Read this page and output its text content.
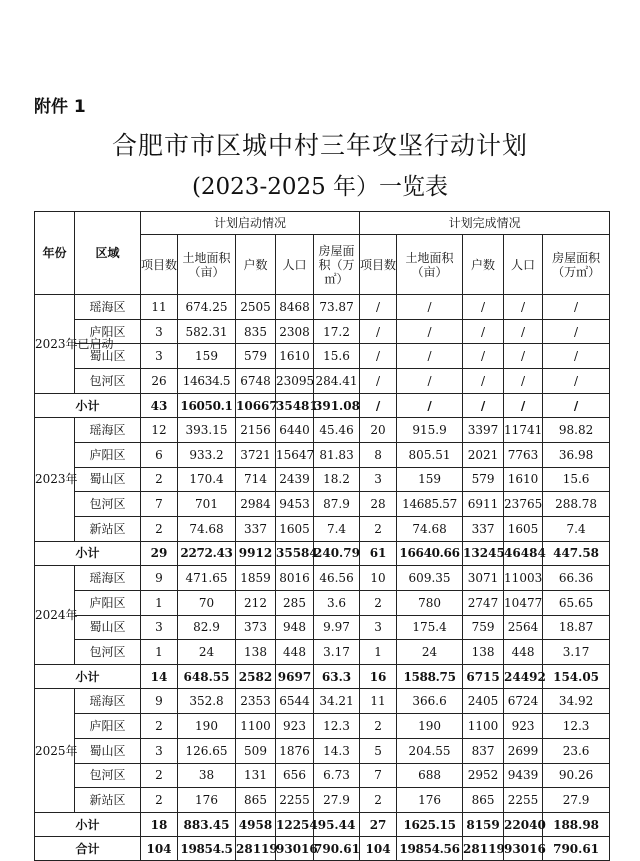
附件 1
合肥市市区城中村三年攻坚行动计划
(2023-2025 年）一览表
年份	区域	计划启动情况					计划完成情况				
		项目数	土地面积（亩）	户数	人口	房屋面积（万㎡）	项目数	土地面积（亩）	户数	人口	房屋面积（万㎡）
2023年已启动	瑶海区	11	674.25	2505	8468	73.87	/	/	/	/	/
	庐阳区	3	582.31	835	2308	17.2	/	/	/	/	/
	蜀山区	3	159	579	1610	15.6	/	/	/	/	/
	包河区	26	14634.5	6748	23095	284.41	/	/	/	/	/
小计		43	16050.1	10667	35481	391.08	/	/	/	/	/
2023年	瑶海区	12	393.15	2156	6440	45.46	20	915.9	3397	11741	98.82
	庐阳区	6	933.2	3721	15647	81.83	8	805.51	2021	7763	36.98
	蜀山区	2	170.4	714	2439	18.2	3	159	579	1610	15.6
	包河区	7	701	2984	9453	87.9	28	14685.57	6911	23765	288.78
	新站区	2	74.68	337	1605	7.4	2	74.68	337	1605	7.4
小计		29	2272.43	9912	35584	240.79	61	16640.66	13245	46484	447.58
2024年	瑶海区	9	471.65	1859	8016	46.56	10	609.35	3071	11003	66.36
	庐阳区	1	70	212	285	3.6	2	780	2747	10477	65.65
	蜀山区	3	82.9	373	948	9.97	3	175.4	759	2564	18.87
	包河区	1	24	138	448	3.17	1	24	138	448	3.17
小计		14	648.55	2582	9697	63.3	16	1588.75	6715	24492	154.05
2025年	瑶海区	9	352.8	2353	6544	34.21	11	366.6	2405	6724	34.92
	庐阳区	2	190	1100	923	12.3	2	190	1100	923	12.3
	蜀山区	3	126.65	509	1876	14.3	5	204.55	837	2699	23.6
	包河区	2	38	131	656	6.73	7	688	2952	9439	90.26
	新站区	2	176	865	2255	27.9	2	176	865	2255	27.9
小计		18	883.45	4958	12254	95.44	27	1625.15	8159	22040	188.98
合计		104	19854.5	28119	93016	790.61	104	19854.56	28119	93016	790.61
